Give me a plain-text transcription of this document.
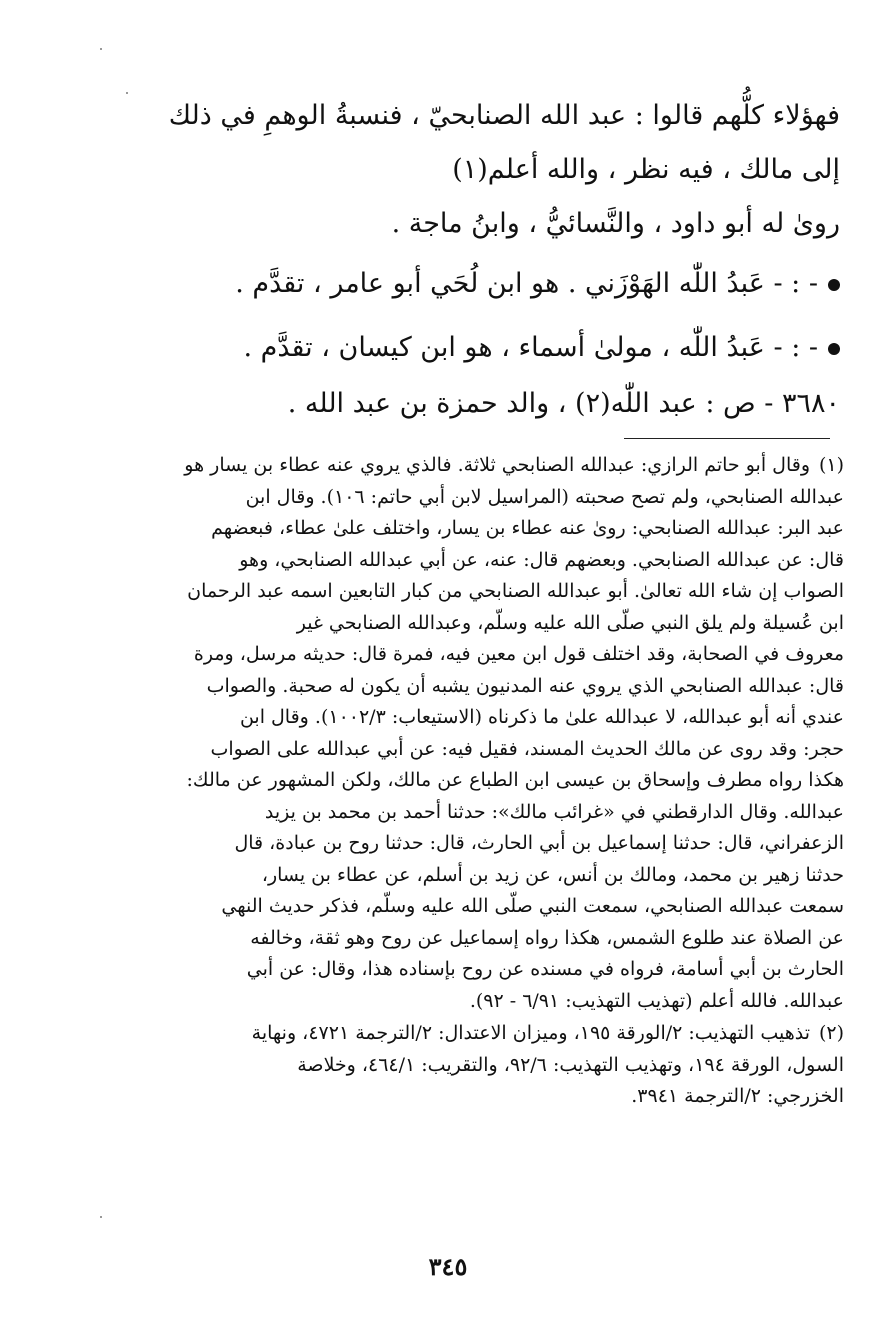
فهؤلاء كلُّهم قالوا : عبد الله الصنابحيّ ، فنسبةُ الوهمِ في ذلك

إلى مالك ، فيه نظر ، والله أعلم(١)

روىٰ له أبو داود ، والنَّسائيُّ ، وابنُ ماجة .

- : - عَبدُ اللّٰه الهَوْزَني . هو ابن لُحَي أبو عامر ، تقدَّم .

- : - عَبدُ اللّٰه ، مولىٰ أسماء ، هو ابن كيسان ، تقدَّم .

٣٦٨٠ - ص : عبد اللّٰه(٢) ، والد حمزة بن عبد الله .

(١)
وقال أبو حاتم الرازي: عبدالله الصنابحي ثلاثة. فالذي يروي عنه عطاء بن يسار هو
عبدالله الصنابحي، ولم تصح صحبته (المراسيل لابن أبي حاتم: ١٠٦). وقال ابن
عبد البر: عبدالله الصنابحي: روىٰ عنه عطاء بن يسار، واختلف علىٰ عطاء، فبعضهم
قال: عن عبدالله الصنابحي. وبعضهم قال: عنه، عن أبي عبدالله الصنابحي، وهو
الصواب إن شاء الله تعالىٰ. أبو عبدالله الصنابحي من كبار التابعين اسمه عبد الرحمان
ابن عُسيلة ولم يلق النبي صلّى الله عليه وسلّم، وعبدالله الصنابحي غير
معروف في الصحابة، وقد اختلف قول ابن معين فيه، فمرة قال: حديثه مرسل، ومرة
قال: عبدالله الصنابحي الذي يروي عنه المدنيون يشبه أن يكون له صحبة. والصواب
عندي أنه أبو عبدالله، لا عبدالله علىٰ ما ذكرناه (الاستيعاب: ١٠٠٢/٣). وقال ابن
حجر: وقد روى عن مالك الحديث المسند، فقيل فيه: عن أبي عبدالله على الصواب
هكذا رواه مطرف وإسحاق بن عيسى ابن الطباع عن مالك، ولكن المشهور عن مالك:
عبدالله. وقال الدارقطني في «غرائب مالك»: حدثنا أحمد بن محمد بن يزيد
الزعفراني، قال: حدثنا إسماعيل بن أبي الحارث، قال: حدثنا روح بن عبادة، قال
حدثنا زهير بن محمد، ومالك بن أنس، عن زيد بن أسلم، عن عطاء بن يسار،
سمعت عبدالله الصنابحي، سمعت النبي صلّى الله عليه وسلّم، فذكر حديث النهي
عن الصلاة عند طلوع الشمس، هكذا رواه إسماعيل عن روح وهو ثقة، وخالفه
الحارث بن أبي أسامة، فرواه في مسنده عن روح بإسناده هذا، وقال: عن أبي
عبدالله. فالله أعلم (تهذيب التهذيب: ٦/٩١ - ٩٢).
(٢)
تذهيب التهذيب: ٢/الورقة ١٩٥، وميزان الاعتدال: ٢/الترجمة ٤٧٢١، ونهاية
السول، الورقة ١٩٤، وتهذيب التهذيب: ٩٢/٦، والتقريب: ٤٦٤/١، وخلاصة
الخزرجي: ٢/الترجمة ٣٩٤١.
٣٤٥
